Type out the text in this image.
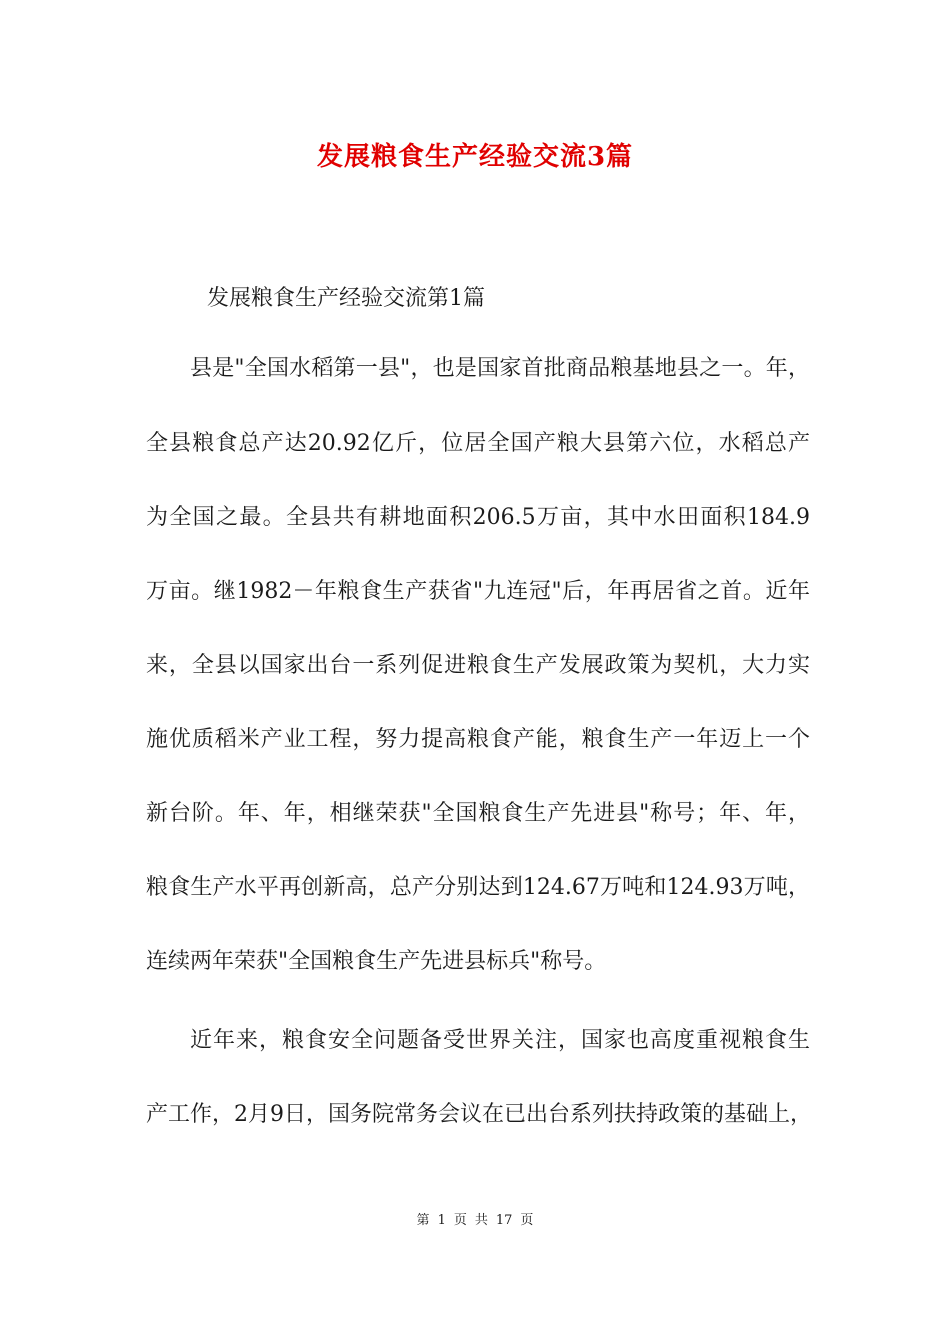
发展粮食生产经验交流3篇
发展粮食生产经验交流第1篇
县是"全国水稻第一县"，也是国家首批商品粮基地县之一。年，
全县粮食总产达20.92亿斤，位居全国产粮大县第六位，水稻总产
为全国之最。全县共有耕地面积206.5万亩，其中水田面积184.9
万亩。继1982－年粮食生产获省"九连冠"后，年再居省之首。近年
来，全县以国家出台一系列促进粮食生产发展政策为契机，大力实
施优质稻米产业工程，努力提高粮食产能，粮食生产一年迈上一个
新台阶。年、年，相继荣获"全国粮食生产先进县"称号；年、年，
粮食生产水平再创新高，总产分别达到124.67万吨和124.93万吨，
连续两年荣获"全国粮食生产先进县标兵"称号。
近年来，粮食安全问题备受世界关注，国家也高度重视粮食生
产工作，2月9日，国务院常务会议在已出台系列扶持政策的基础上，
第 1 页 共 17 页
